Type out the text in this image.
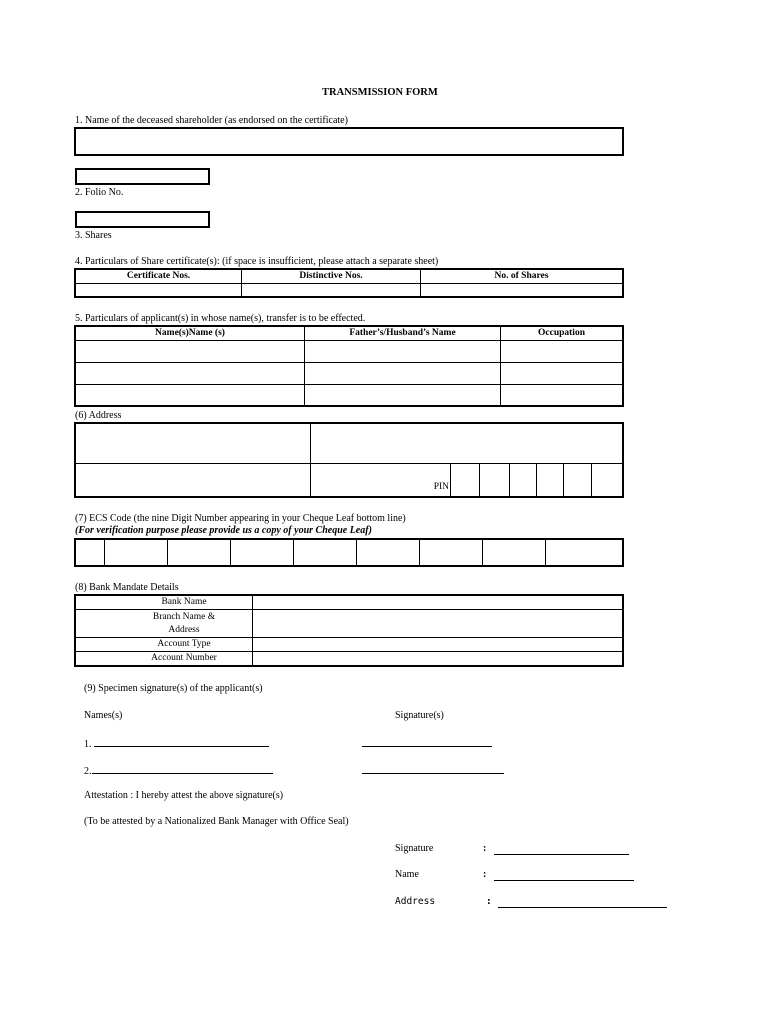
TRANSMISSION FORM
1. Name of the deceased shareholder (as endorsed on the certificate)
2. Folio No.
3. Shares
4. Particulars of Share certificate(s): (if space is insufficient, please attach a separate sheet)
Certificate Nos.	Distinctive Nos.	No. of Shares

5. Particulars of applicant(s) in whose name(s), transfer is to be effected.
Name(s)Name (s)	Father’s/Husband’s Name	Occupation

(6) Address

	PIN						
(7) ECS Code (the nine Digit Number appearing in your Cheque Leaf bottom line)
(For verification purpose please provide us a copy of your Cheque Leaf)

(8) Bank Mandate Details
Bank Name	

Branch Name &
Address	

Account Type	
Account Number	
(9) Specimen signature(s) of the applicant(s)
Names(s)	Signature(s)
1.
2.
Attestation : I hereby attest the above signature(s)
(To be attested by a Nationalized Bank Manager with Office Seal)
Signature	:
Name	:
Address	:
